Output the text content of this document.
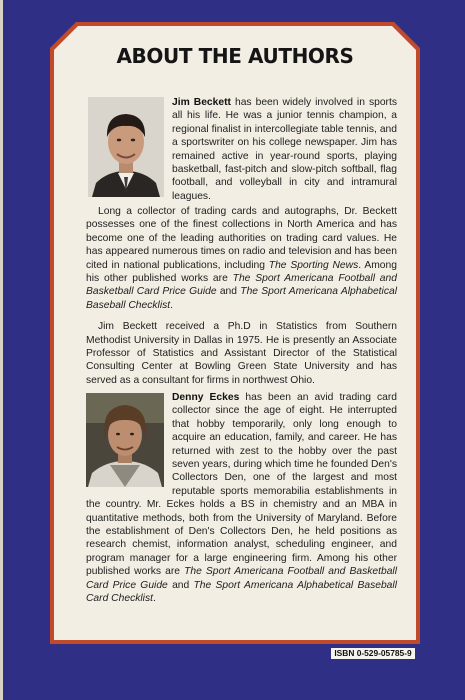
ABOUT THE AUTHORS

Jim Beckett has been widely involved in sports all his life. He was a junior tennis champion, a regional finalist in intercollegiate table tennis, and a sportswriter on his college newspaper. Jim has remained active in year-round sports, playing basketball, fast-pitch and slow-pitch softball, flag football, and volleyball in city and intramural leagues.

Long a collector of trading cards and autographs, Dr. Beckett possesses one of the finest collections in North America and has become one of the leading authorities on trading card values. He has appeared numerous times on radio and television and has been cited in national publications, including The Sporting News. Among his other published works are The Sport Americana Football and Basketball Card Price Guide and The Sport Americana Alphabetical Baseball Checklist.

Jim Beckett received a Ph.D in Statistics from Southern Methodist University in Dallas in 1975. He is presently an Associate Professor of Statistics and Assistant Director of the Statistical Consulting Center at Bowling Green State University and has served as a consultant for firms in northwest Ohio.

Denny Eckes has been an avid trading card collector since the age of eight. He interrupted that hobby temporarily, only long enough to acquire an education, family, and career. He has returned with zest to the hobby over the past seven years, during which time he founded Den's Collectors Den, one of the largest and most reputable sports memorabilia establishments in the country. Mr. Eckes holds a BS in chemistry and an MBA in quantitative methods, both from the University of Maryland. Before the establishment of Den's Collectors Den, he held positions as research chemist, information analyst, scheduling engineer, and program manager for a large engineering firm. Among his other published works are The Sport Americana Football and Basketball Card Price Guide and The Sport Americana Alphabetical Baseball Card Checklist.

ISBN 0-529-05785-9
